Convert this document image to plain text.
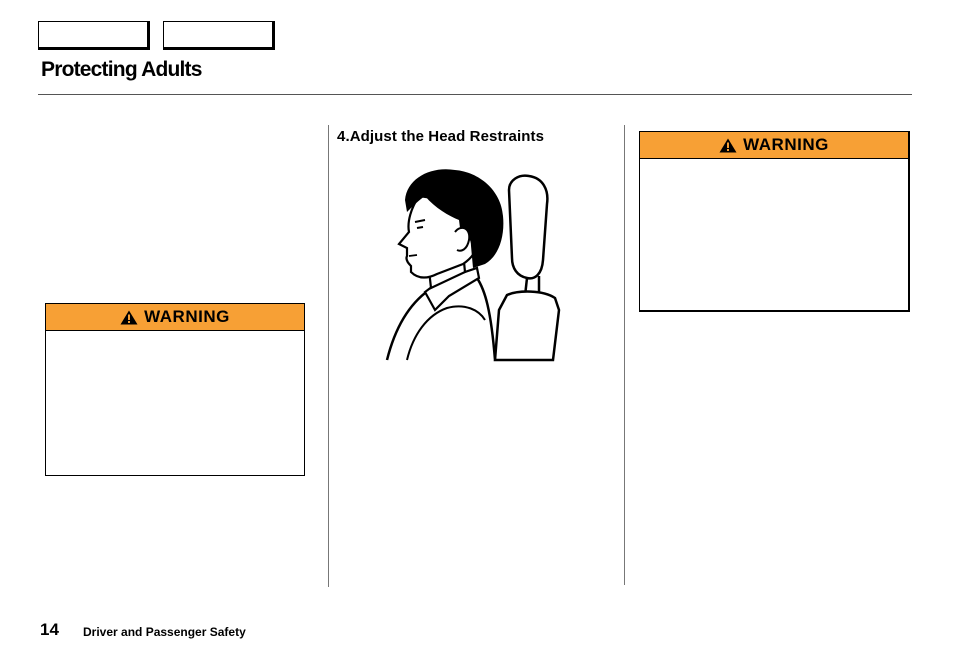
Protecting Adults
WARNING
4.Adjust the Head Restraints	WARNING
14 Driver and Passenger Safety
